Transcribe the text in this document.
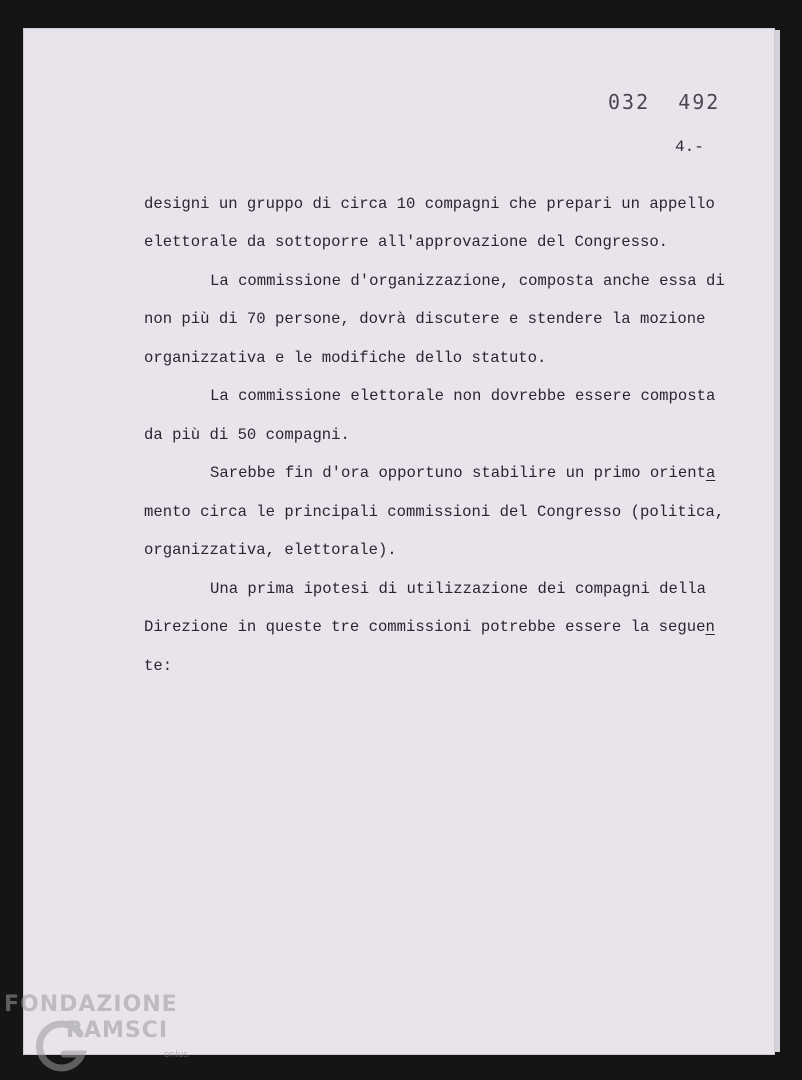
032  492
4.-
designi un gruppo di circa 10 compagni che prepari un appello
elettorale da sottoporre all'approvazione del Congresso.
La commissione d'organizzazione, composta anche essa di
non più di 70 persone, dovrà discutere e stendere la mozione
organizzativa e le modifiche dello statuto.
La commissione elettorale non dovrebbe essere composta
da più di 50 compagni.
Sarebbe fin d'ora opportuno stabilire un primo orienta
mento circa le principali commissioni del Congresso (politica,
organizzativa, elettorale).
Una prima ipotesi di utilizzazione dei compagni della
Direzione in queste tre commissioni potrebbe essere la seguen
te:
FONDAZIONE
RAMSCI
onlus
